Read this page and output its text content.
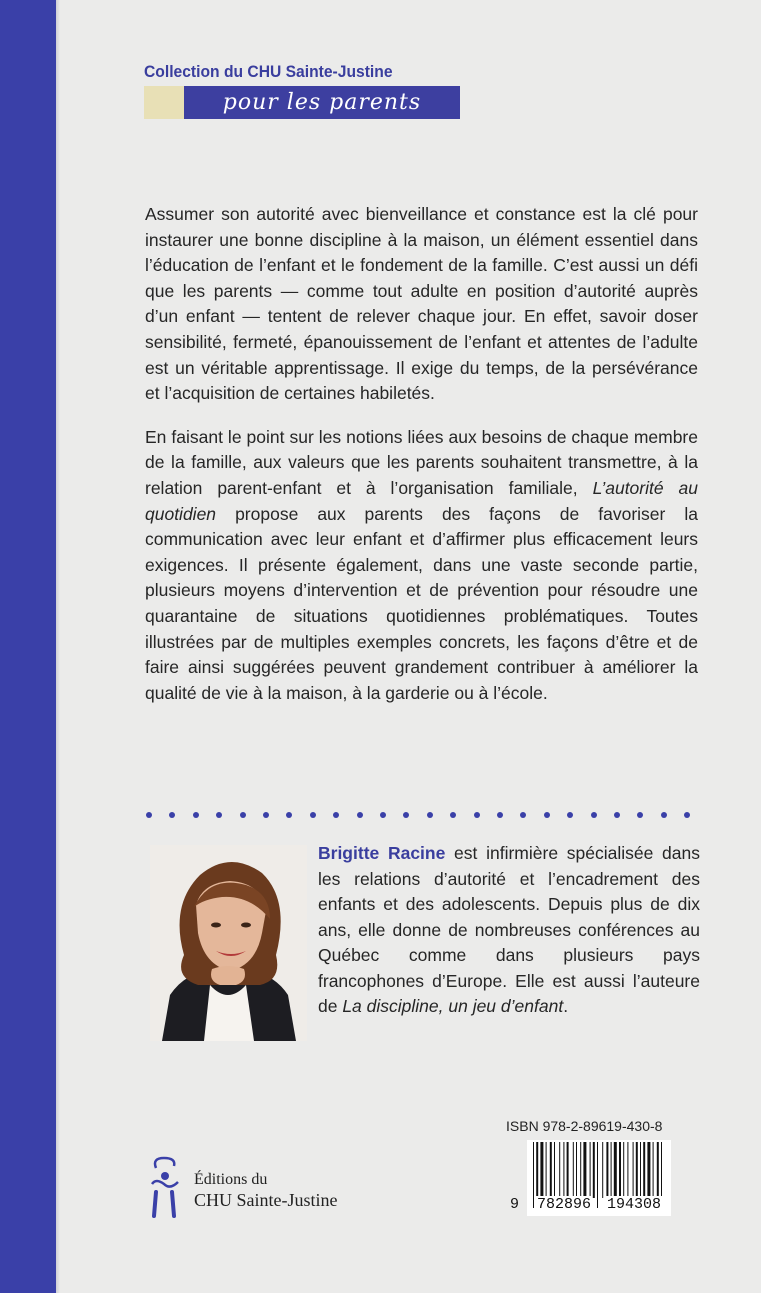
Collection du CHU Sainte-Justine
pour les parents

Assumer son autorité avec bienveillance et constance est la clé pour instaurer une bonne discipline à la maison, un élément essentiel dans l’éducation de l’enfant et le fondement de la famille. C’est aussi un défi que les parents — comme tout adulte en position d’autorité auprès d’un enfant — tentent de relever chaque jour. En effet, savoir doser sensibilité, fermeté, épanouissement de l’enfant et attentes de l’adulte est un véritable apprentissage. Il exige du temps, de la persévérance et l’acquisition de certaines habiletés.

En faisant le point sur les notions liées aux besoins de chaque membre de la famille, aux valeurs que les parents souhaitent transmettre, à la relation parent-enfant et à l’organisation familiale, L’autorité au quotidien propose aux parents des façons de favoriser la communication avec leur enfant et d’affirmer plus efficacement leurs exigences. Il présente également, dans une vaste seconde partie, plusieurs moyens d’intervention et de prévention pour résoudre une quarantaine de situations quotidiennes problématiques. Toutes illustrées par de multiples exemples concrets, les façons d’être et de faire ainsi suggérées peuvent grandement contribuer à améliorer la qualité de vie à la maison, à la garderie ou à l’école.

Brigitte Racine est infirmière spécialisée dans les relations d’autorité et l’encadrement des enfants et des adolescents. Depuis plus de dix ans, elle donne de nombreuses conférences au Québec comme dans plusieurs pays francophones d’Europe. Elle est aussi l’auteure de La discipline, un jeu d’enfant.

ISBN 978-2-89619-430-8
9 782896 194308
Éditions du
CHU Sainte-Justine
